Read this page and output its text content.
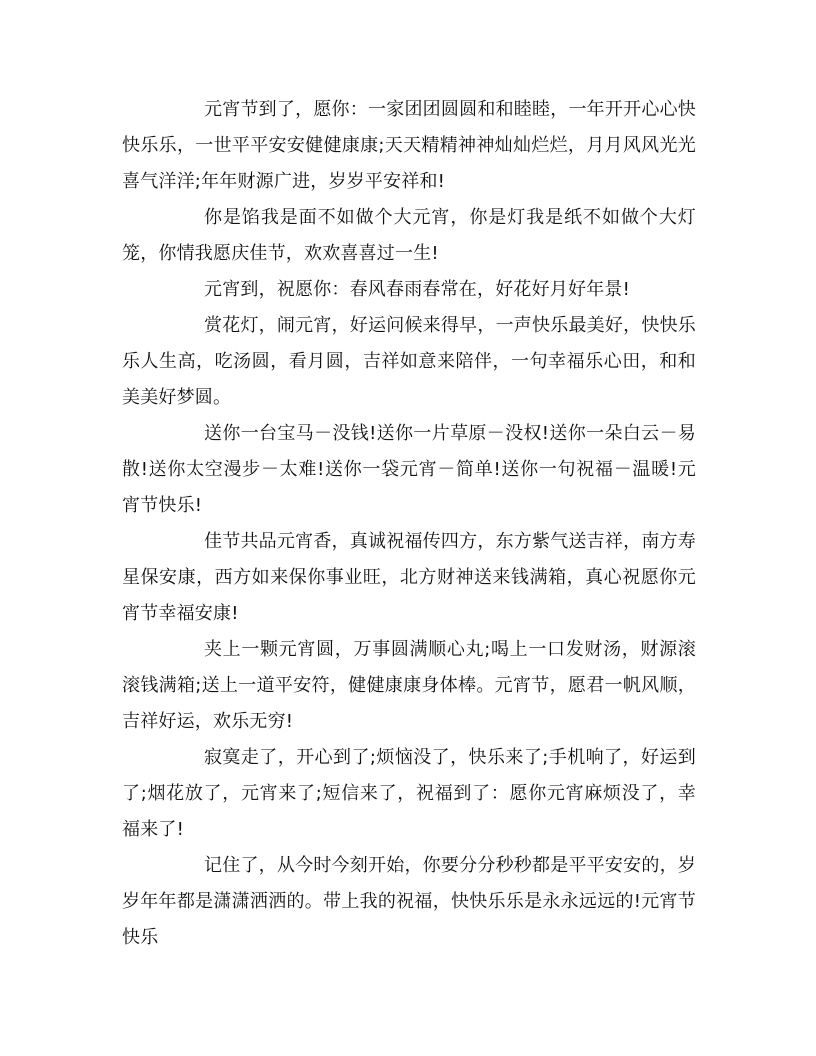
元宵节到了，愿你：一家团团圆圆和和睦睦，一年开开心心快快乐乐，一世平平安安健健康康;天天精精神神灿灿烂烂，月月风风光光喜气洋洋;年年财源广进，岁岁平安祥和!

你是馅我是面不如做个大元宵，你是灯我是纸不如做个大灯笼，你情我愿庆佳节，欢欢喜喜过一生!

元宵到，祝愿你：春风春雨春常在，好花好月好年景!

赏花灯，闹元宵，好运问候来得早，一声快乐最美好，快快乐乐人生高，吃汤圆，看月圆，吉祥如意来陪伴，一句幸福乐心田，和和美美好梦圆。

送你一台宝马－没钱!送你一片草原－没权!送你一朵白云－易散!送你太空漫步－太难!送你一袋元宵－简单!送你一句祝福－温暖!元宵节快乐!

佳节共品元宵香，真诚祝福传四方，东方紫气送吉祥，南方寿星保安康，西方如来保你事业旺，北方财神送来钱满箱，真心祝愿你元宵节幸福安康!

夹上一颗元宵圆，万事圆满顺心丸;喝上一口发财汤，财源滚滚钱满箱;送上一道平安符，健健康康身体棒。元宵节，愿君一帆风顺，吉祥好运，欢乐无穷!

寂寞走了，开心到了;烦恼没了，快乐来了;手机响了，好运到了;烟花放了，元宵来了;短信来了，祝福到了：愿你元宵麻烦没了，幸福来了!

记住了，从今时今刻开始，你要分分秒秒都是平平安安的，岁岁年年都是潇潇洒洒的。带上我的祝福，快快乐乐是永永远远的!元宵节快乐
